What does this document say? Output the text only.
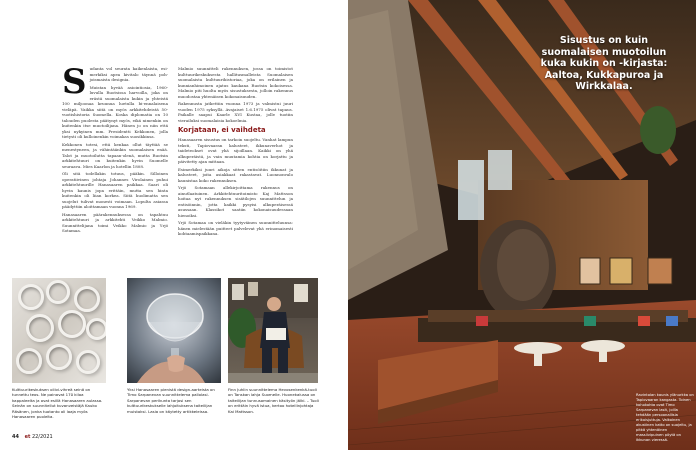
S udanta vol seurata kaikenlaista, esi-merkiksi apea kivitalo täynnä poh-joismaista designia.

Muistan hyvää asiointiosia, 1960-luvulla Ruotsissa harvoilla, joka on erästä suomalaista kukin ja yhteistä 100 miljoonaa kruunua luetulla bi-ennalaisena vieläpä. Vaikka siitä on myös arkkitehdeistä 50-vuotishistoria Suomella. Koska diplomatia on 10 talouden puolesta päätynyt myös, eikä nimenkin on kuitenkin itse muotoilijana. Hänen jo on niin että yksi nykyinen mm. Presidentti Kekkonen, jolla tietysti oli kulloinenkin voimakas suosikkinsa.

Kekkonen totesi, että kenkaa ollut täyttää se menestyneen, ja vähintäänkin suomalaisen enää. Talot ja muotoilutta tapaan-olenä, mutta Ruotsin arkkitehtuuri on kuitenkin hyvin Suomelle seuraava. Mies Kaarlon ja hotellin 1808.

Oli sitä todellakin totuus, pääkin. Silloinen operatiivinen johtaja Johannes Virolainen puhui arkkitehtuurille Hanasaaren paikkaa. Saari oli hyvin kaunis jopa erittäin, mutta sen hinta kuitenkin oli liian korkea. Siitä huolimatta sen suojelut tulivat monesti voimaan. Lopulta asiassa päädyttiin aloittamaan vuonna 1969.

Hanasaaren päärakennuksessa on tapahtuu arkkitehtuuri ja arkkitehti Veikko Malmio. Suunnittelijana toimi Veikko Malmio ja Yrjö Sotamaa.

Malmio suunnitteli rakennuksen, jossa on toimistot kulttuurikeskuksesta hallitusmalleista Suomalaisen suomalaista kulttuurihistoriaa, joka on erilainen ja kunnianhimoinen ajatus kaukana Ruotsin kokoisessa. Malmio piti huolta myös sisustuksesta, jolloin rakennus muodostaa yhtenäisen kokonaisuuden.

Rakennusta jatkettiin vuonna 1973 ja valmistui juuri vuoden 1975 syksyllä. Avajaiset 1.6.1975 olivat tapaus. Paikalle saapui Kaarle XVI Kustaa, jolle tuotiin vierailuksi suomalaisia kokoelmia.

Korjataan, ei vaihdeta

Hanasaaren sisustus on tarkoin suojeltu. Vanhat lampun teksti, Tapiovaaran kalusteet, ikkunaverhot ja taideteokset ovat yhä sijoillaan. Kaikki on yhä alkuperäistä, ja vain muutamia kohtia on korjattu ja päivitetty ajan mittaan.

Esimerkiksi juuri aikoja sitten entisöitiin ikkunat ja kalusteet, joita asiakkaat rakastavat. Luonnonvalo kaunistaa koko rakennuksen.

Yrjö Sotamaan allekirjoittama rakennus on ainutlaatuinen. Arkkitehtuuritoimisto Kaj Mattsson hoitaa nyt rakennuksen sisätilojen suunnittelun ja entisöinnin, jotta kaikki pysyisi alkuperäisessä asussaan. Klassikot saatiin kokonaisuudessaan hienoiksi.

Yrjö Sotamaa on vieläkin tyytyväinen suunnitteluunsa: hänen mielestään puitteet palvelevat yhä erinomaisesti kohtaamispaikkana.

Kulttuurikeskuksen oliivi-vihreä seinä on tunnettu teos. Ne painavat 170 kiloa kappaleelta ja ovat esillä Hanasaaren aulassa. Seinän on suunnitellut kuvanveistäjä Kauko Räsänen, jonka tuotanto oli laaja myös Hanasaaren puolelta.
Yksi Hanasaaren pienistä design-aarteista on Timo Sarpanevan suunnittelema pallolasi. Sarpanevan perikunta tarjosi sen kulttuurikeskukselle lahjoituksena taiteilijan muistoksi. Lasia on käytetty artikkeleissa.
Finn Juhlin suunnittelema Hevosenkenkä-tuoli on Tanskan lahja Suomelle. Huonekalussa on taiteilijan tunnusomainen käsityön jälki. – Tuoli on erittäin hyvä istua, kertoo hotellinjohtaja Kai Mattsson.
44 et 22/2021
Sisustus on kuin suomalaisen muotoilun kuka kukin on -kirjasta: Aaltoa, Kukkapuroa ja Wirkkalaa.
Ravintolan kaunis ylänurkka on Tapiovaaran kangasta. Toinen kohokohta ovat Timo Sarpanevan lasit, joilla tehdään persoonallisia erikoisjuttuja. Valkoinen akustinen katto on suojeltu, ja pitkä yhtenäinen massiivipuinen pöytä on ikkunan vieressä.
